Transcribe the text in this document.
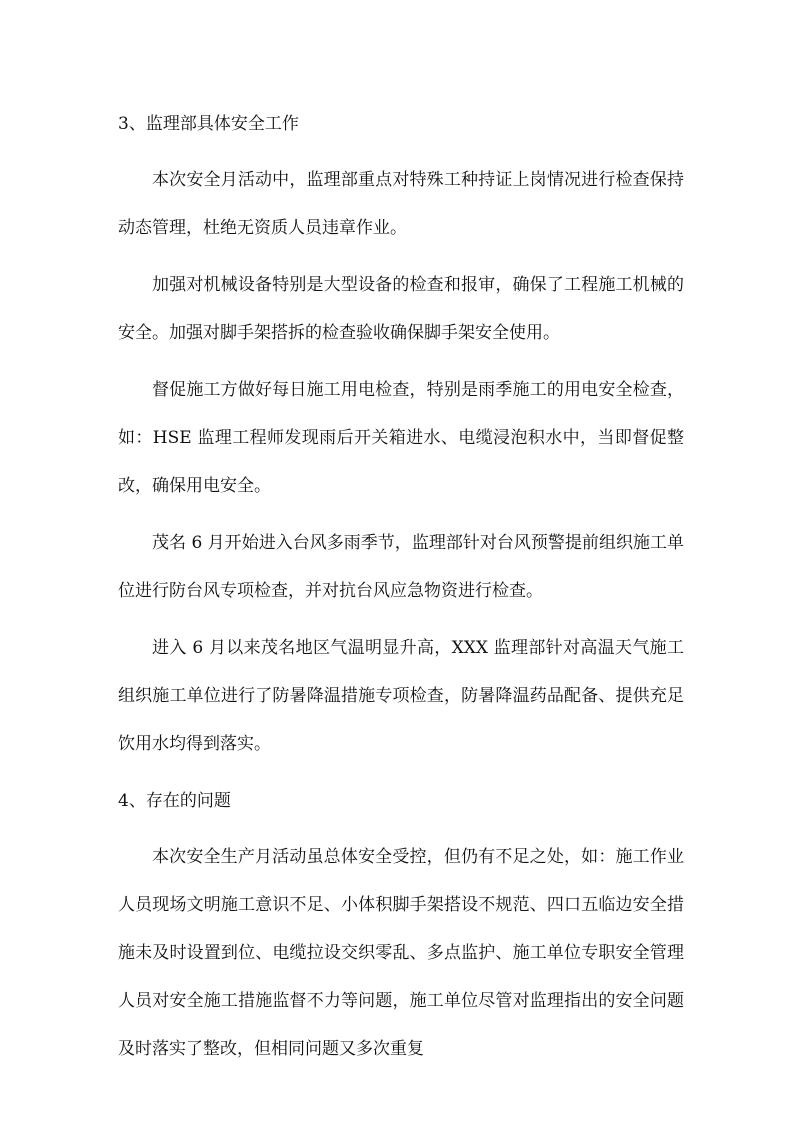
3、监理部具体安全工作

本次安全月活动中，监理部重点对特殊工种持证上岗情况进行检查保持动态管理，杜绝无资质人员违章作业。

加强对机械设备特别是大型设备的检查和报审，确保了工程施工机械的安全。加强对脚手架搭拆的检查验收确保脚手架安全使用。

督促施工方做好每日施工用电检查，特别是雨季施工的用电安全检查，如：HSE 监理工程师发现雨后开关箱进水、电缆浸泡积水中，当即督促整改，确保用电安全。

茂名 6 月开始进入台风多雨季节，监理部针对台风预警提前组织施工单位进行防台风专项检查，并对抗台风应急物资进行检查。

进入 6 月以来茂名地区气温明显升高，XXX 监理部针对高温天气施工组织施工单位进行了防暑降温措施专项检查，防暑降温药品配备、提供充足饮用水均得到落实。

4、存在的问题

本次安全生产月活动虽总体安全受控，但仍有不足之处，如：施工作业人员现场文明施工意识不足、小体积脚手架搭设不规范、四口五临边安全措施未及时设置到位、电缆拉设交织零乱、多点监护、施工单位专职安全管理人员对安全施工措施监督不力等问题，施工单位尽管对监理指出的安全问题及时落实了整改，但相同问题又多次重复
